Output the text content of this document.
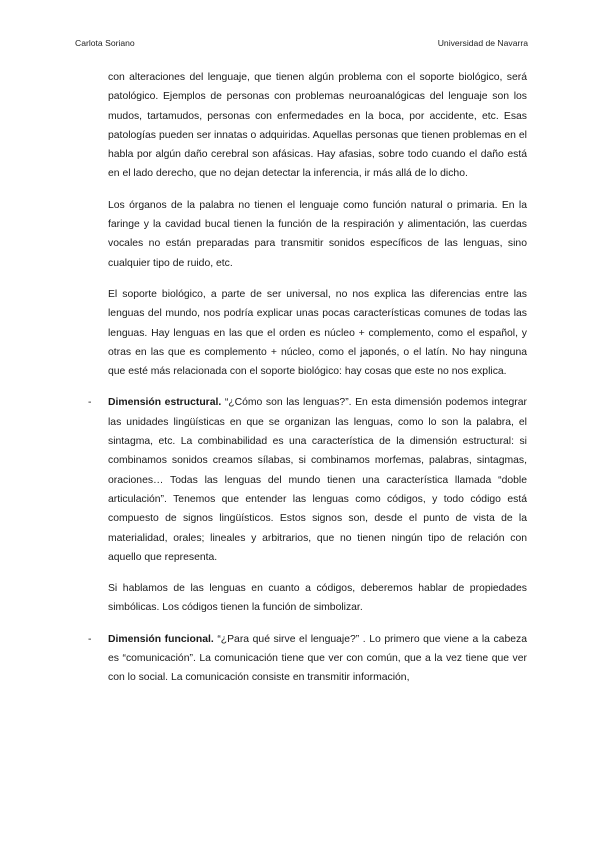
Carlota Soriano	Universidad de Navarra

con alteraciones del lenguaje, que tienen algún problema con el soporte biológico, será patológico. Ejemplos de personas con problemas neuroanalógicas del lenguaje son los mudos, tartamudos, personas con enfermedades en la boca, por accidente, etc. Esas patologías pueden ser innatas o adquiridas. Aquellas personas que tienen problemas en el habla por algún daño cerebral son afásicas. Hay afasias, sobre todo cuando el daño está en el lado derecho, que no dejan detectar la inferencia, ir más allá de lo dicho.

Los órganos de la palabra no tienen el lenguaje como función natural o primaria. En la faringe y la cavidad bucal tienen la función de la respiración y alimentación, las cuerdas vocales no están preparadas para transmitir sonidos específicos de las lenguas, sino cualquier tipo de ruido, etc.

El soporte biológico, a parte de ser universal, no nos explica las diferencias entre las lenguas del mundo, nos podría explicar unas pocas características comunes de todas las lenguas. Hay lenguas en las que el orden es núcleo + complemento, como el español, y otras en las que es complemento + núcleo, como el japonés, o el latín. No hay ninguna que esté más relacionada con el soporte biológico: hay cosas que este no nos explica.

- Dimensión estructural. “¿Cómo son las lenguas?”. En esta dimensión podemos integrar las unidades lingüísticas en que se organizan las lenguas, como lo son la palabra, el sintagma, etc. La combinabilidad es una característica de la dimensión estructural: si combinamos sonidos creamos sílabas, si combinamos morfemas, palabras, sintagmas, oraciones… Todas las lenguas del mundo tienen una característica llamada “doble articulación”. Tenemos que entender las lenguas como códigos, y todo código está compuesto de signos lingüísticos. Estos signos son, desde el punto de vista de la materialidad, orales; lineales y arbitrarios, que no tienen ningún tipo de relación con aquello que representa.

Si hablamos de las lenguas en cuanto a códigos, deberemos hablar de propiedades simbólicas. Los códigos tienen la función de simbolizar.

- Dimensión funcional. “¿Para qué sirve el lenguaje?” . Lo primero que viene a la cabeza es “comunicación”. La comunicación tiene que ver con común, que a la vez tiene que ver con lo social. La comunicación consiste en transmitir información,
